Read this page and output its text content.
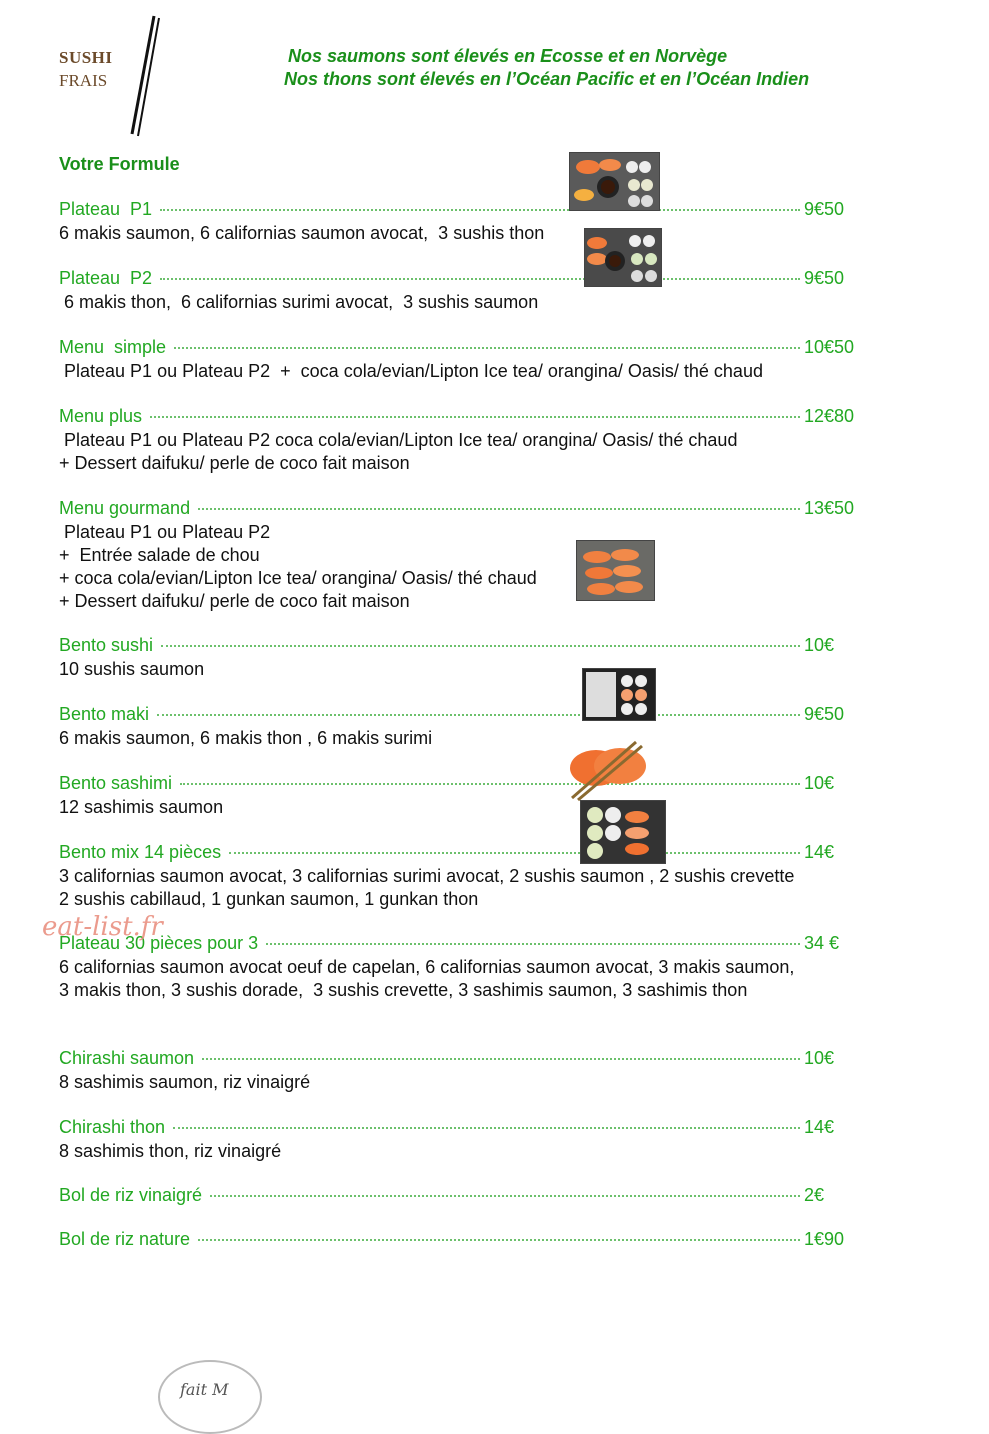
SUSHI
FRAIS
Nos saumons sont élevés en Ecosse et en Norvège
Nos thons sont élevés en l’Océan Pacific et en l’Océan Indien
Votre Formule
Plateau  P1	9€50
6 makis saumon, 6 californias saumon avocat,  3 sushis thon
Plateau  P2	9€50
6 makis thon,  6 californias surimi avocat,  3 sushis saumon
Menu  simple	10€50
Plateau P1 ou Plateau P2  +  coca cola/evian/Lipton Ice tea/ orangina/ Oasis/ thé chaud
Menu plus	12€80
Plateau P1 ou Plateau P2 coca cola/evian/Lipton Ice tea/ orangina/ Oasis/ thé chaud
+ Dessert daifuku/ perle de coco fait maison
Menu gourmand	13€50
Plateau P1 ou Plateau P2
+  Entrée salade de chou
+ coca cola/evian/Lipton Ice tea/ orangina/ Oasis/ thé chaud
+ Dessert daifuku/ perle de coco fait maison
Bento sushi	10€
10 sushis saumon
Bento maki	9€50
6 makis saumon, 6 makis thon , 6 makis surimi
Bento sashimi	10€
12 sashimis saumon
Bento mix 14 pièces	14€
3 californias saumon avocat, 3 californias surimi avocat, 2 sushis saumon , 2 sushis crevette
2 sushis cabillaud, 1 gunkan saumon, 1 gunkan thon
Plateau 30 pièces pour 3	34 €
6 californias saumon avocat oeuf de capelan, 6 californias saumon avocat, 3 makis saumon,
3 makis thon, 3 sushis dorade,  3 sushis crevette, 3 sashimis saumon, 3 sashimis thon
Chirashi saumon	10€
8 sashimis saumon, riz vinaigré
Chirashi thon	14€
8 sashimis thon, riz vinaigré
Bol de riz vinaigré	2€
Bol de riz nature	1€90
eat-list.fr
fait M
